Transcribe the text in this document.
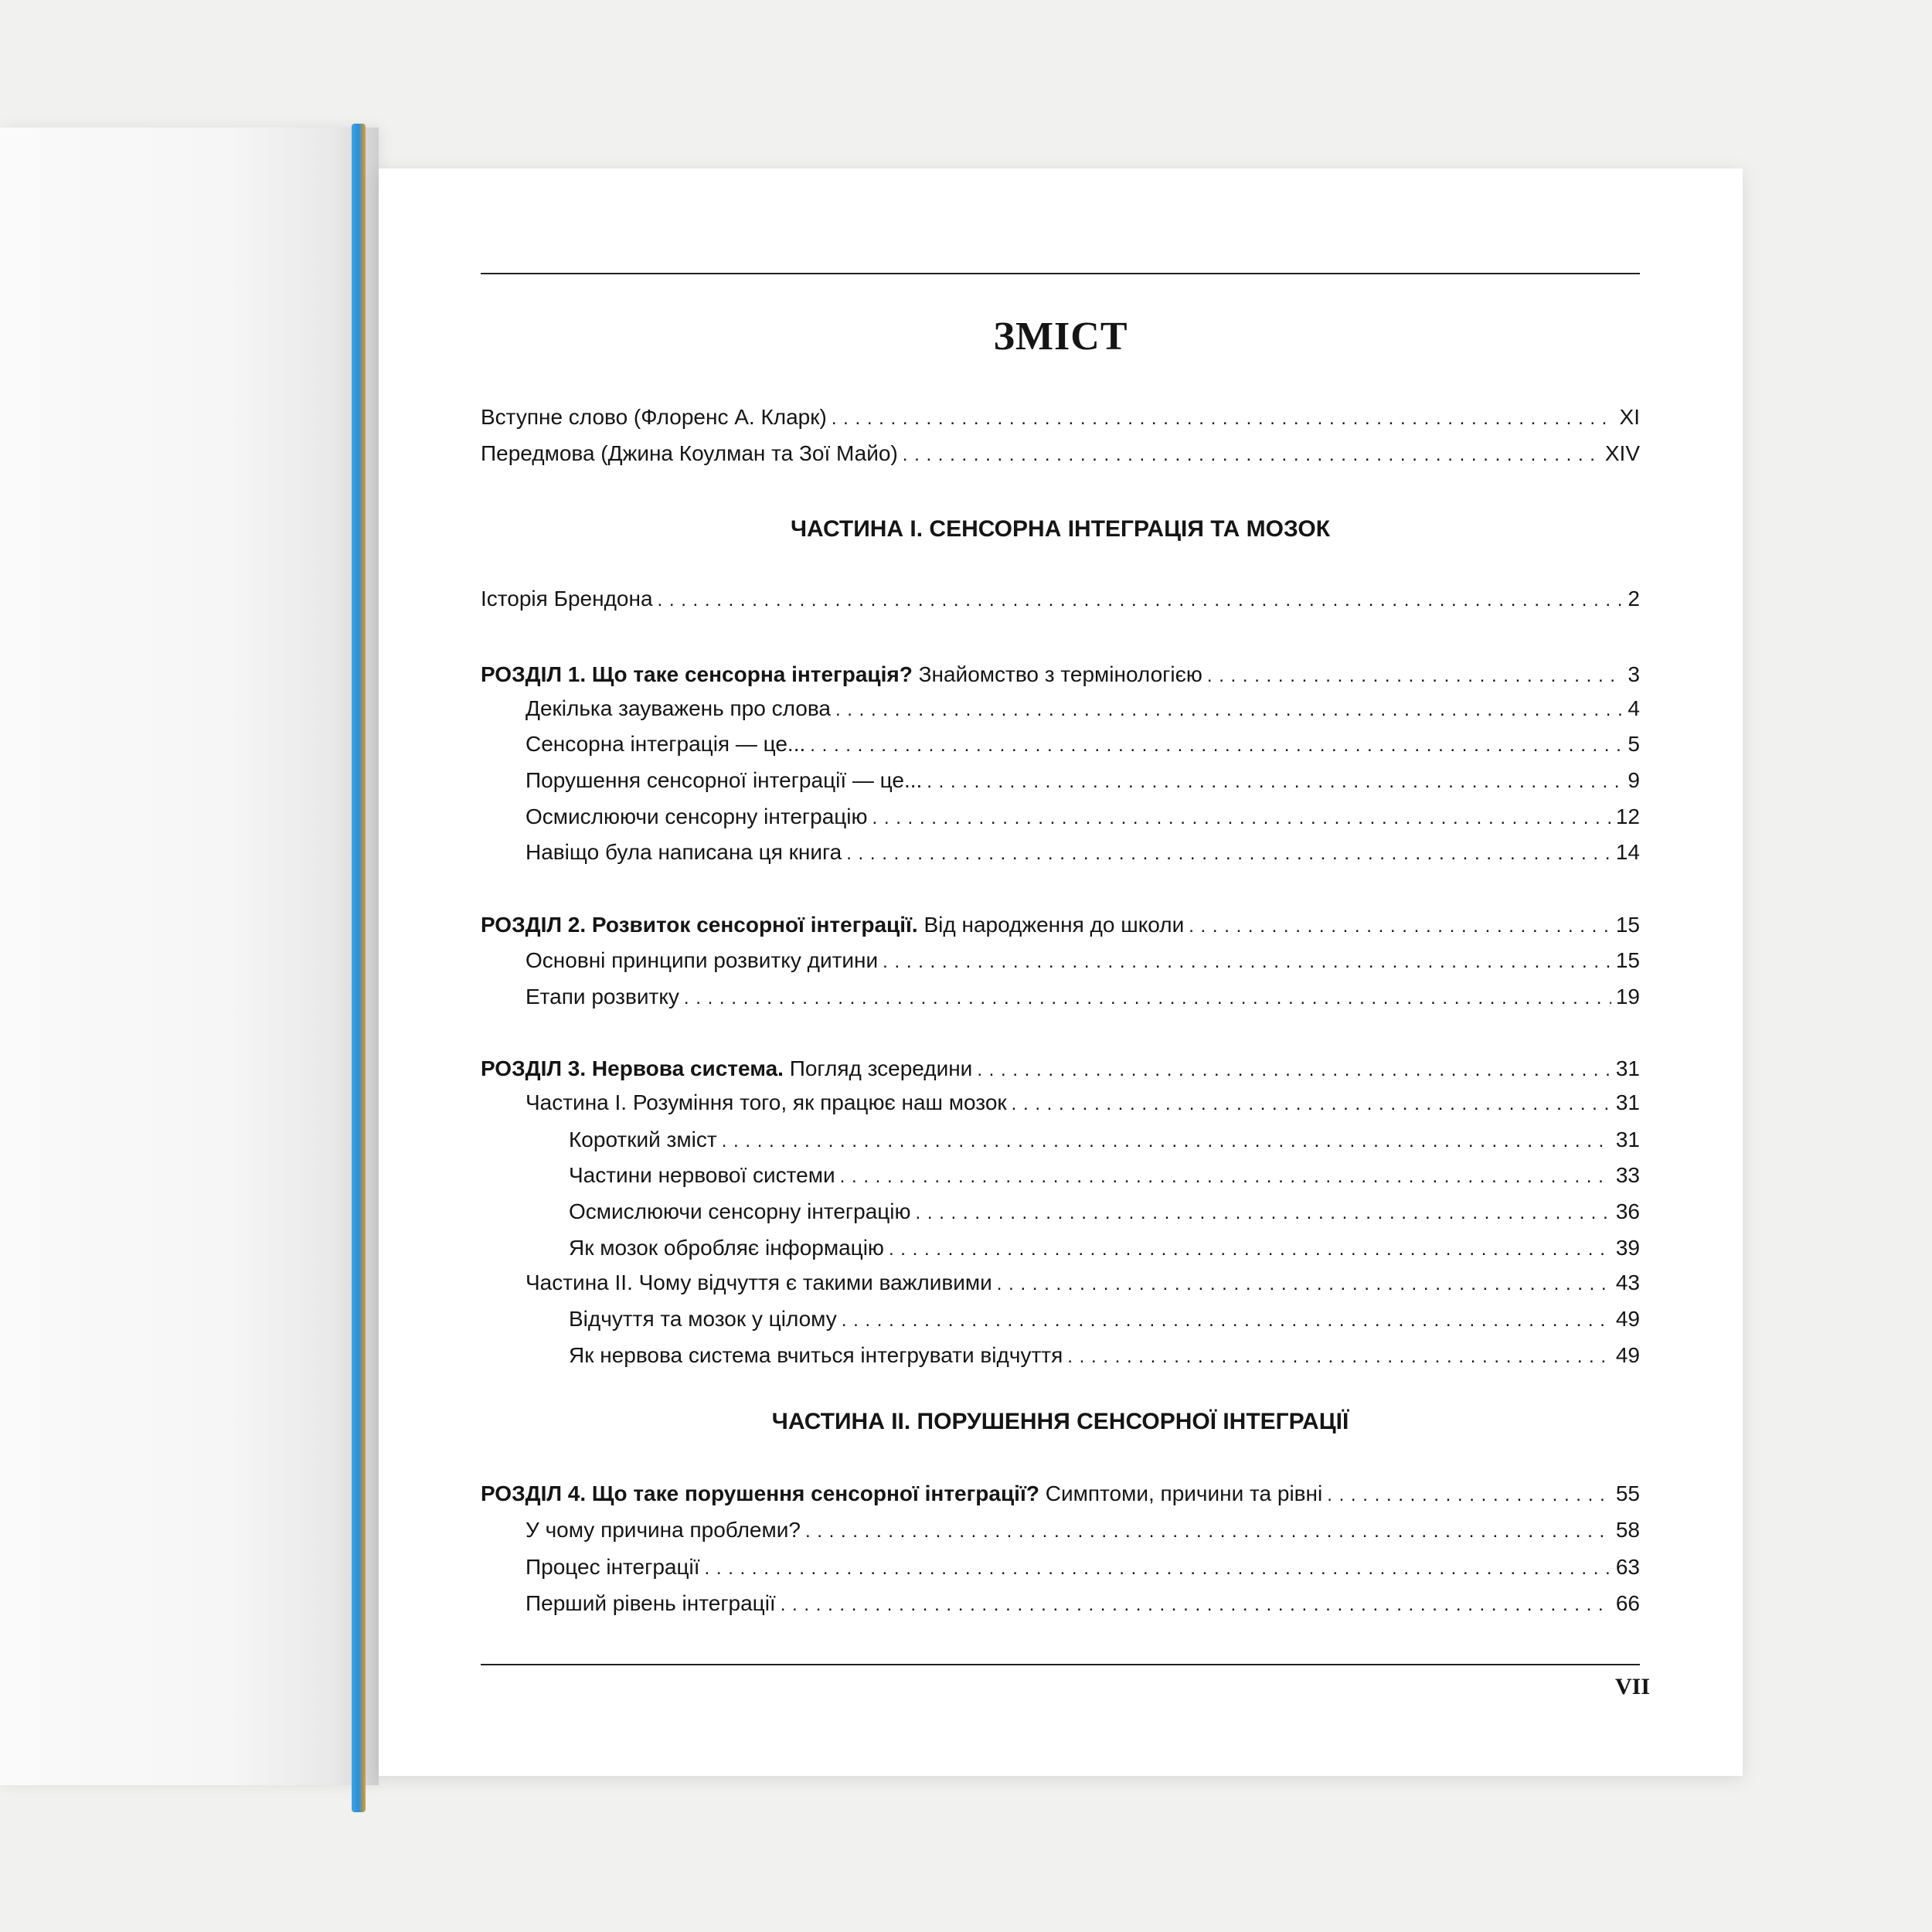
ЗМІСТ
Вступне слово (Флоренс А. Кларк) . . .	XI
Передмова (Джина Коулман та Зої Майо) . . .	XIV
ЧАСТИНА І. СЕНСОРНА ІНТЕГРАЦІЯ ТА МОЗОК
Історія Брендона . . .	2
РОЗДІЛ 1. Що таке сенсорна інтеграція? Знайомство з термінологією . . .	3
Декілька зауважень про слова . . .	4
Сенсорна інтеграція — це... . . .	5
Порушення сенсорної інтеграції — це... . . .	9
Осмислюючи сенсорну інтеграцію . . .	12
Навіщо була написана ця книга . . .	14
РОЗДІЛ 2. Розвиток сенсорної інтеграції. Від народження до школи . . .	15
Основні принципи розвитку дитини . . .	15
Етапи розвитку . . .	19
РОЗДІЛ 3. Нервова система. Погляд зсередини . . .	31
Частина І. Розуміння того, як працює наш мозок . . .	31
Короткий зміст . . .	31
Частини нервової системи . . .	33
Осмислюючи сенсорну інтеграцію . . .	36
Як мозок обробляє інформацію . . .	39
Частина ІІ. Чому відчуття є такими важливими . . .	43
Відчуття та мозок у цілому . . .	49
Як нервова система вчиться інтегрувати відчуття . . .	49
ЧАСТИНА ІІ. ПОРУШЕННЯ СЕНСОРНОЇ ІНТЕГРАЦІЇ
РОЗДІЛ 4. Що таке порушення сенсорної інтеграції? Симптоми, причини та рівні . . .	55
У чому причина проблеми? . . .	58
Процес інтеграції . . .	63
Перший рівень інтеграції . . .	66
VII
